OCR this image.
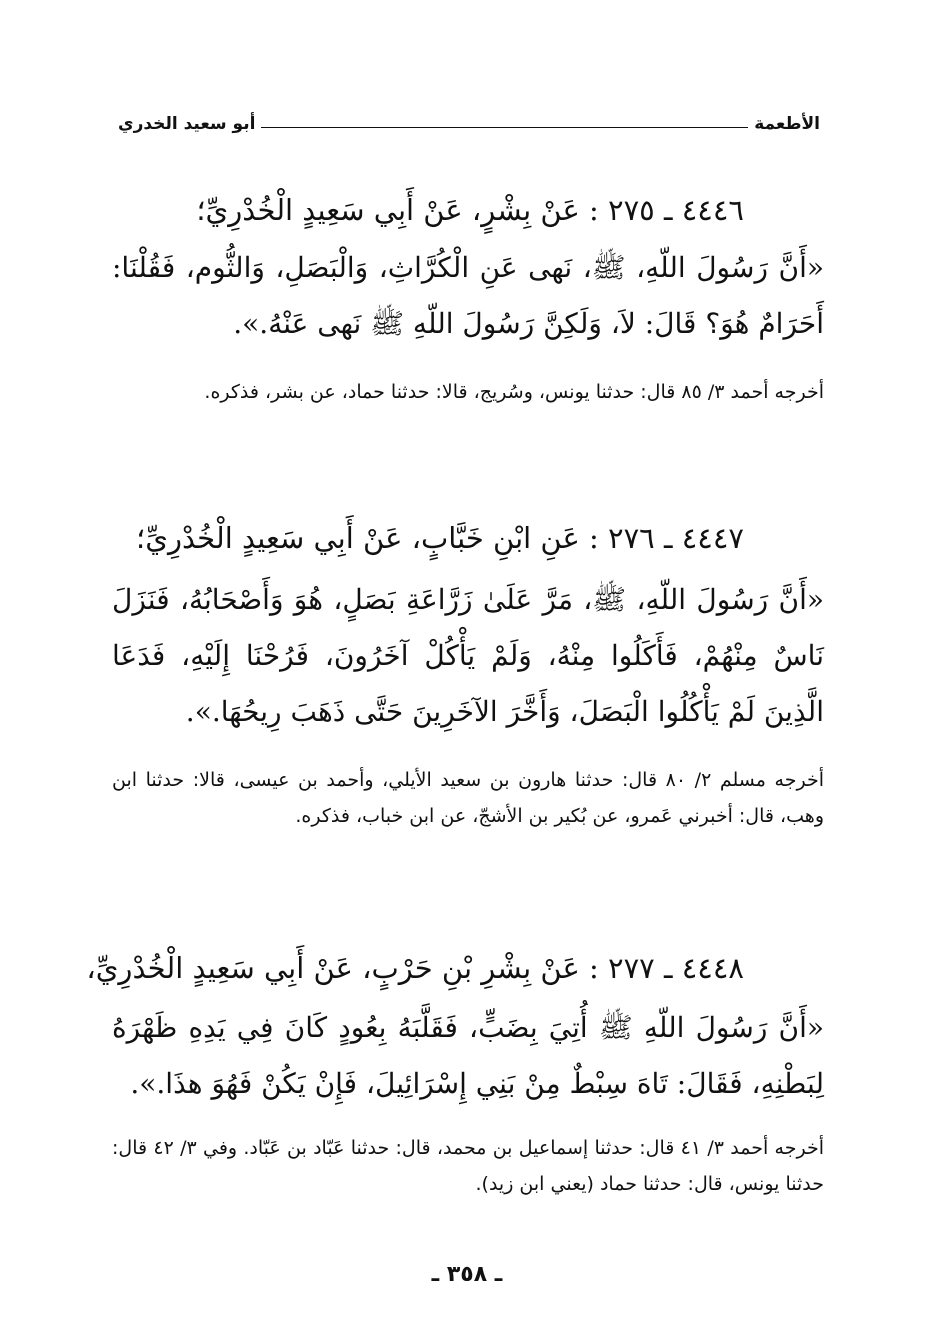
الأطعمة
أبو سعيد الخدري
٤٤٤٦ ـ ٢٧٥ : عَنْ بِشْرٍ، عَنْ أَبِي سَعِيدٍ الْخُدْرِيِّ؛
«أَنَّ رَسُولَ اللّهِ، ﷺ، نَهى عَنِ الْكُرَّاثِ، وَالْبَصَلِ، وَالثُّوم، فَقُلْنَا: أَحَرَامٌ هُوَ؟ قَالَ: لاَ، وَلَكِنَّ رَسُولَ اللّهِ ﷺ نَهى عَنْهُ.».
أخرجه أحمد ٣/ ٨٥ قال: حدثنا يونس، وسُريج، قالا: حدثنا حماد، عن بشر، فذكره.
٤٤٤٧ ـ ٢٧٦ : عَنِ ابْنِ خَبَّابٍ، عَنْ أَبِي سَعِيدٍ الْخُدْرِيِّ؛
«أَنَّ رَسُولَ اللّهِ، ﷺ، مَرَّ عَلَىٰ زَرَّاعَةِ بَصَلٍ، هُوَ وَأَصْحَابُهُ، فَنَزَلَ نَاسٌ مِنْهُمْ، فَأَكَلُوا مِنْهُ، وَلَمْ يَأْكُلْ آخَرُونَ، فَرُحْنَا إِلَيْهِ، فَدَعَا الَّذِينَ لَمْ يَأْكُلُوا الْبَصَلَ، وَأَخَّرَ الآخَرِينَ حَتَّى ذَهَبَ رِيحُهَا.».
أخرجه مسلم ٢/ ٨٠ قال: حدثنا هارون بن سعيد الأيلي، وأحمد بن عيسى، قالا: حدثنا ابن وهب، قال: أخبرني عَمرو، عن بُكير بن الأشجّ، عن ابن خباب، فذكره.
٤٤٤٨ ـ ٢٧٧ : عَنْ بِشْرِ بْنِ حَرْبٍ، عَنْ أَبِي سَعِيدٍ الْخُدْرِيِّ،
«أَنَّ رَسُولَ اللّهِ ﷺ أُتِيَ بِضَبٍّ، فَقَلَّبَهُ بِعُودٍ كَانَ فِي يَدِهِ ظَهْرَهُ لِبَطْنِهِ، فَقَالَ: تَاهَ سِبْطٌ مِنْ بَنِي إِسْرَائِيلَ، فَإِنْ يَكُنْ فَهُوَ هذَا.».
أخرجه أحمد ٣/ ٤١ قال: حدثنا إسماعيل بن محمد، قال: حدثنا عَبّاد بن عَبّاد. وفي ٣/ ٤٢ قال: حدثنا يونس، قال: حدثنا حماد (يعني ابن زيد).
ـ ٣٥٨ ـ
